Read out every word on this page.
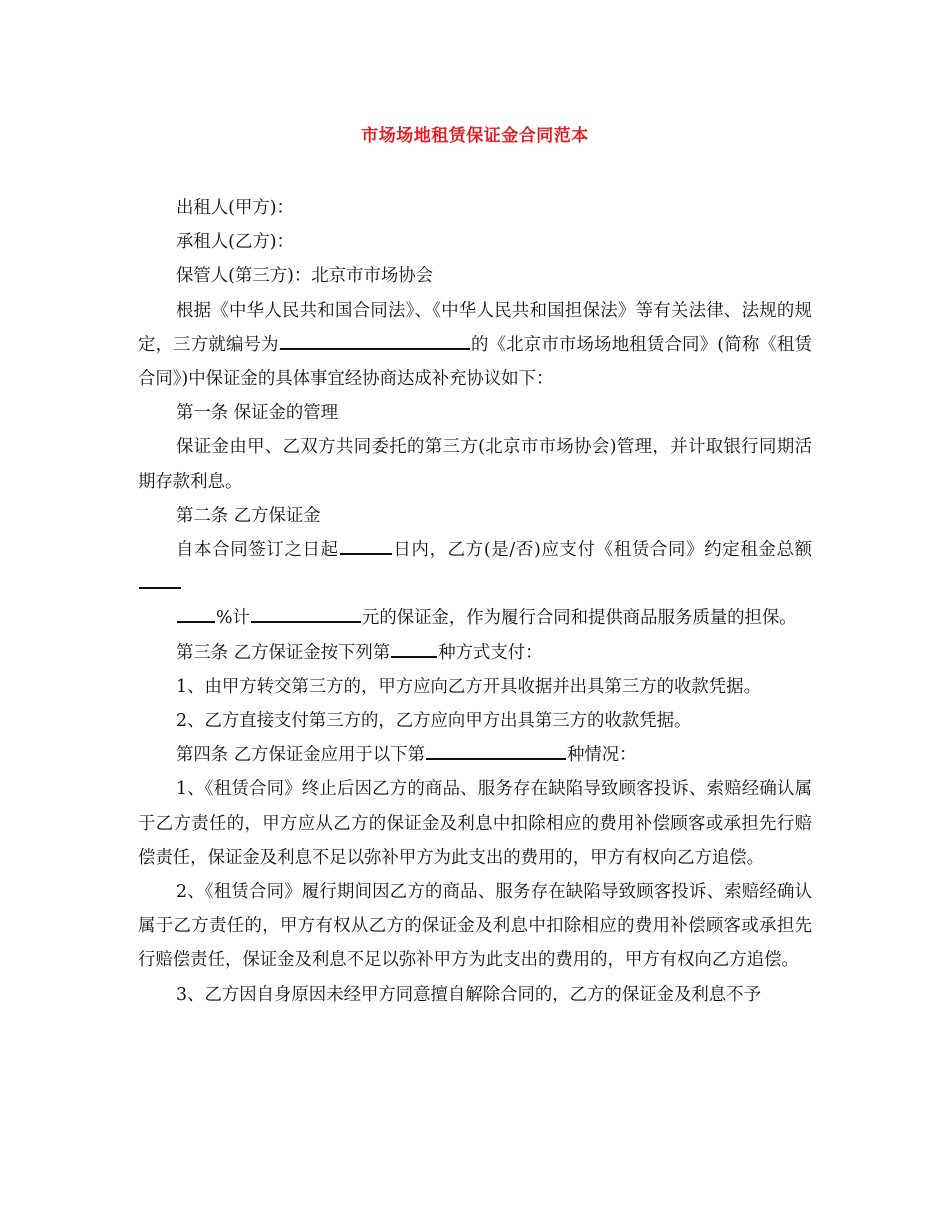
市场场地租赁保证金合同范本

出租人(甲方)：

承租人(乙方)：

保管人(第三方)：北京市市场协会

根据《中华人民共和国合同法》、《中华人民共和国担保法》等有关法律、法规的规定，三方就编号为	的《北京市市场场地租赁合同》(简称《租赁合同》)中保证金的具体事宜经协商达成补充协议如下：

第一条 保证金的管理

保证金由甲、乙双方共同委托的第三方(北京市市场协会)管理，并计取银行同期活期存款利息。

第二条 乙方保证金

自本合同签订之日起	日内，乙方(是/否)应支付《租赁合同》约定租金总额

%计	元的保证金，作为履行合同和提供商品服务质量的担保。

第三条 乙方保证金按下列第	种方式支付：

1、由甲方转交第三方的，甲方应向乙方开具收据并出具第三方的收款凭据。

2、乙方直接支付第三方的，乙方应向甲方出具第三方的收款凭据。

第四条 乙方保证金应用于以下第	种情况：

1、《租赁合同》终止后因乙方的商品、服务存在缺陷导致顾客投诉、索赔经确认属于乙方责任的，甲方应从乙方的保证金及利息中扣除相应的费用补偿顾客或承担先行赔偿责任，保证金及利息不足以弥补甲方为此支出的费用的，甲方有权向乙方追偿。

2、《租赁合同》履行期间因乙方的商品、服务存在缺陷导致顾客投诉、索赔经确认属于乙方责任的，甲方有权从乙方的保证金及利息中扣除相应的费用补偿顾客或承担先行赔偿责任，保证金及利息不足以弥补甲方为此支出的费用的，甲方有权向乙方追偿。

3、乙方因自身原因未经甲方同意擅自解除合同的，乙方的保证金及利息不予
